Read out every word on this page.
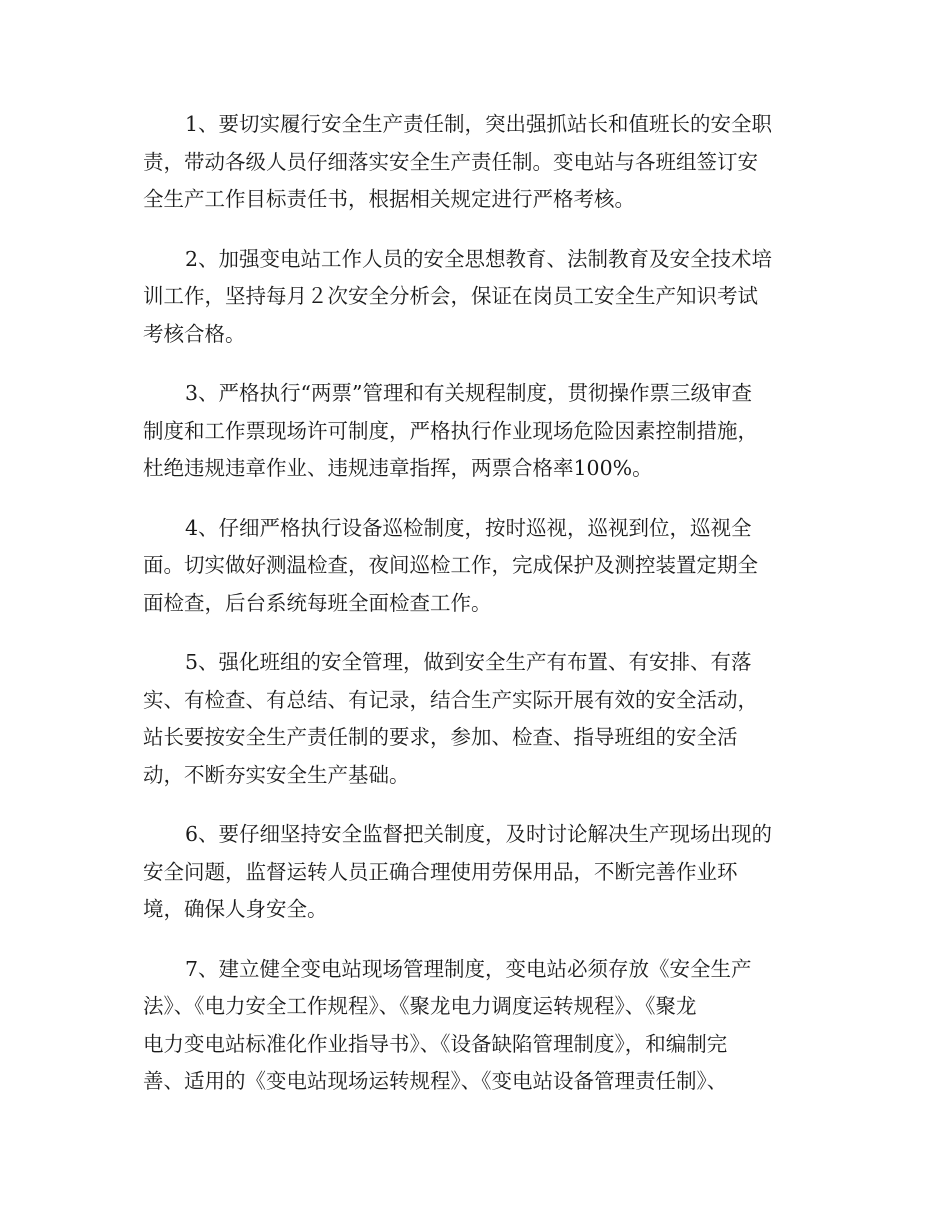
1、要切实履行安全生产责任制，突出强抓站长和值班长的安全职
责，带动各级人员仔细落实安全生产责任制。变电站与各班组签订安
全生产工作目标责任书，根据相关规定进行严格考核。

2、加强变电站工作人员的安全思想教育、法制教育及安全技术培
训工作，坚持每月２次安全分析会，保证在岗员工安全生产知识考试
考核合格。

3、严格执行“两票”管理和有关规程制度，贯彻操作票三级审查
制度和工作票现场许可制度，严格执行作业现场危险因素控制措施，
杜绝违规违章作业、违规违章指挥，两票合格率100%。

4、仔细严格执行设备巡检制度，按时巡视，巡视到位，巡视全
面。切实做好测温检查，夜间巡检工作，完成保护及测控装置定期全
面检查，后台系统每班全面检查工作。

5、强化班组的安全管理，做到安全生产有布置、有安排、有落
实、有检查、有总结、有记录，结合生产实际开展有效的安全活动，
站长要按安全生产责任制的要求，参加、检查、指导班组的安全活
动，不断夯实安全生产基础。

6、要仔细坚持安全监督把关制度，及时讨论解决生产现场出现的
安全问题，监督运转人员正确合理使用劳保用品，不断完善作业环
境，确保人身安全。

7、建立健全变电站现场管理制度，变电站必须存放《安全生产
法》、《电力安全工作规程》、《聚龙电力调度运转规程》、《聚龙
电力变电站标准化作业指导书》、《设备缺陷管理制度》，和编制完
善、适用的《变电站现场运转规程》、《变电站设备管理责任制》、
